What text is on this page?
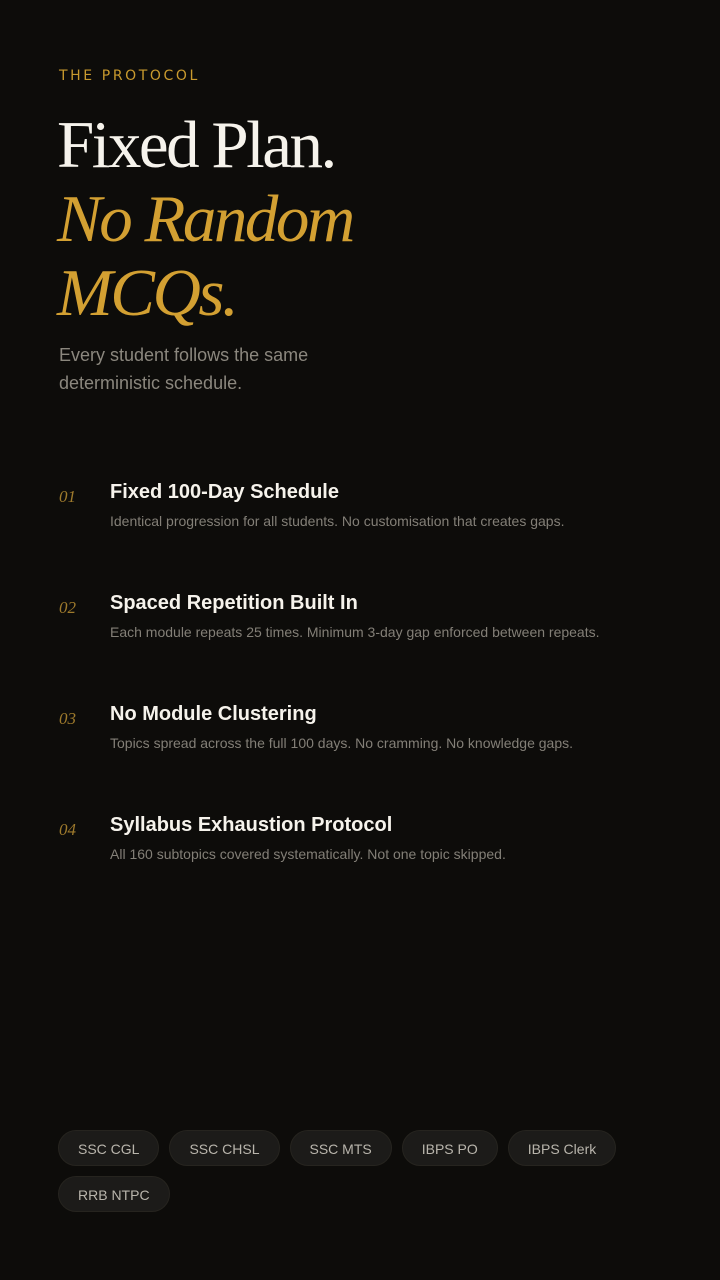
THE PROTOCOL
Fixed Plan.
No Random
MCQs.

Every student follows the same deterministic schedule.

01 Fixed 100-Day Schedule
Identical progression for all students. No customisation that creates gaps.
02 Spaced Repetition Built In
Each module repeats 25 times. Minimum 3-day gap enforced between repeats.
03 No Module Clustering
Topics spread across the full 100 days. No cramming. No knowledge gaps.
04 Syllabus Exhaustion Protocol
All 160 subtopics covered systematically. Not one topic skipped.
SSC CGL	SSC CHSL	SSC MTS	IBPS PO	IBPS Clerk
RRB NTPC
